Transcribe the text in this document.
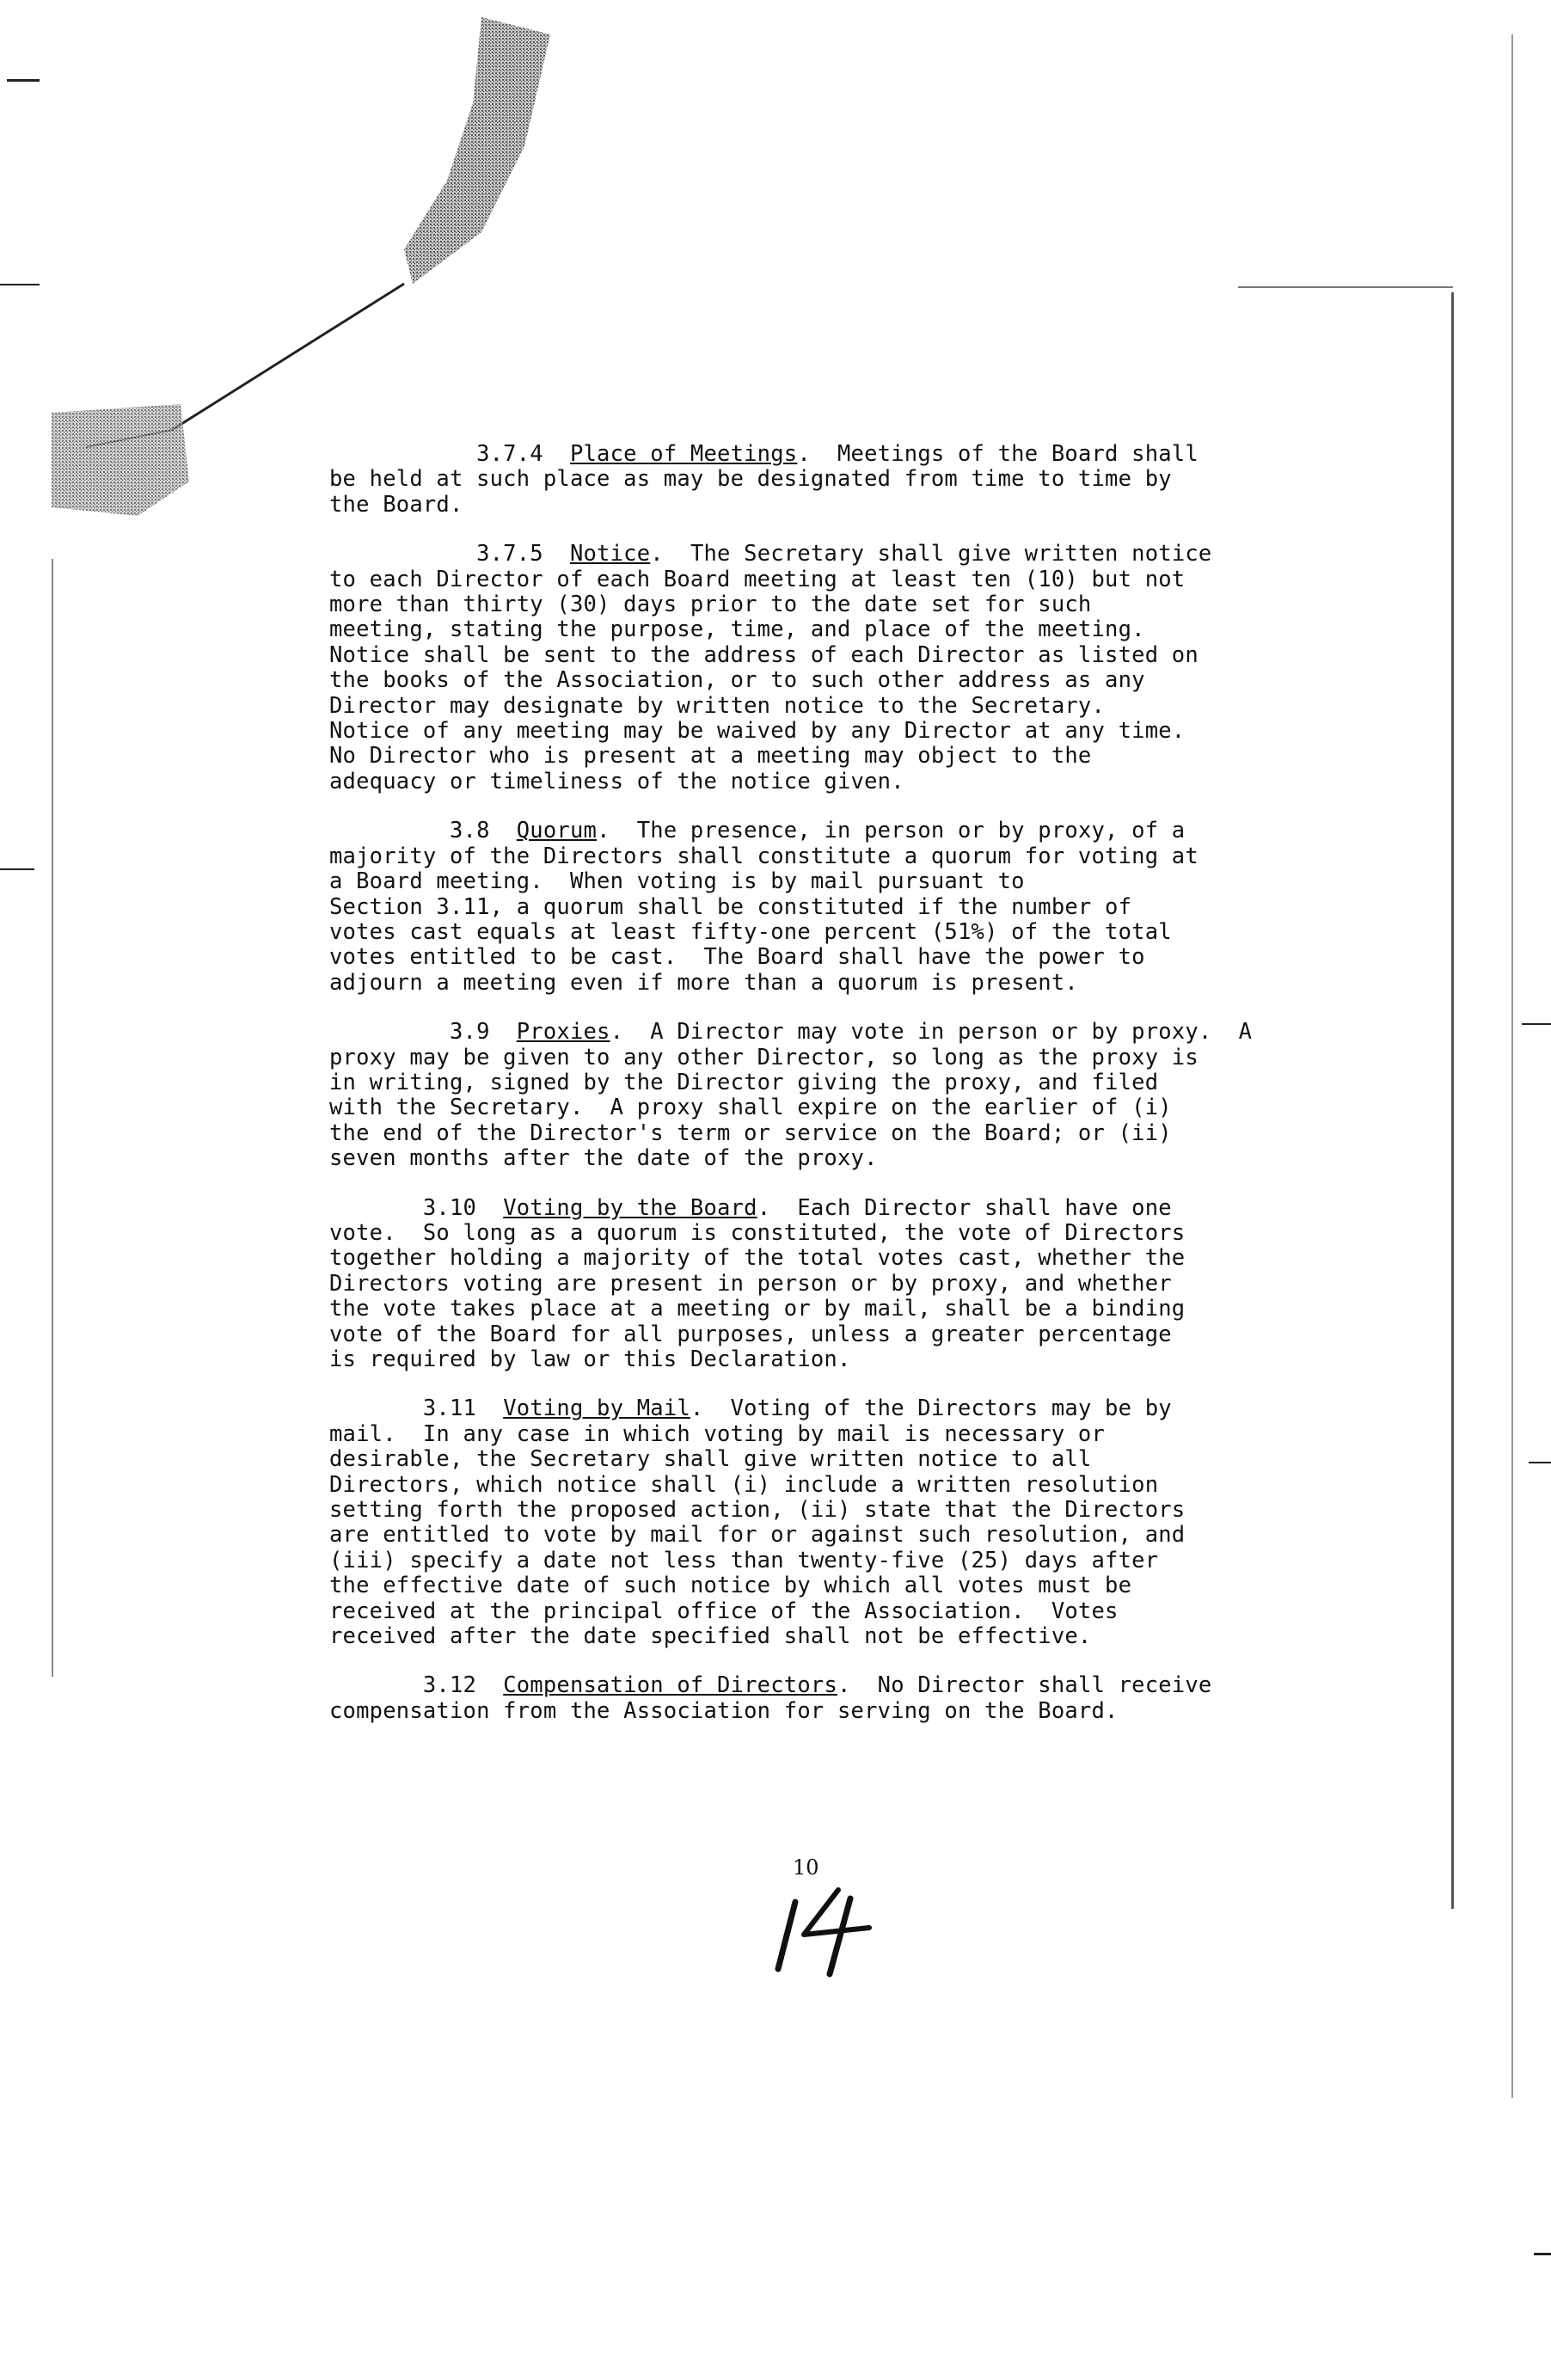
3.7.4  Place of Meetings.  Meetings of the Board shall
be held at such place as may be designated from time to time by
the Board.
3.7.5  Notice.  The Secretary shall give written notice
to each Director of each Board meeting at least ten (10) but not
more than thirty (30) days prior to the date set for such
meeting, stating the purpose, time, and place of the meeting.
Notice shall be sent to the address of each Director as listed on
the books of the Association, or to such other address as any
Director may designate by written notice to the Secretary.
Notice of any meeting may be waived by any Director at any time.
No Director who is present at a meeting may object to the
adequacy or timeliness of the notice given.
3.8  Quorum.  The presence, in person or by proxy, of a
majority of the Directors shall constitute a quorum for voting at
a Board meeting.  When voting is by mail pursuant to
Section 3.11, a quorum shall be constituted if the number of
votes cast equals at least fifty-one percent (51%) of the total
votes entitled to be cast.  The Board shall have the power to
adjourn a meeting even if more than a quorum is present.
3.9  Proxies.  A Director may vote in person or by proxy.  A
proxy may be given to any other Director, so long as the proxy is
in writing, signed by the Director giving the proxy, and filed
with the Secretary.  A proxy shall expire on the earlier of (i)
the end of the Director's term or service on the Board; or (ii)
seven months after the date of the proxy.
3.10  Voting by the Board.  Each Director shall have one
vote.  So long as a quorum is constituted, the vote of Directors
together holding a majority of the total votes cast, whether the
Directors voting are present in person or by proxy, and whether
the vote takes place at a meeting or by mail, shall be a binding
vote of the Board for all purposes, unless a greater percentage
is required by law or this Declaration.
3.11  Voting by Mail.  Voting of the Directors may be by
mail.  In any case in which voting by mail is necessary or
desirable, the Secretary shall give written notice to all
Directors, which notice shall (i) include a written resolution
setting forth the proposed action, (ii) state that the Directors
are entitled to vote by mail for or against such resolution, and
(iii) specify a date not less than twenty-five (25) days after
the effective date of such notice by which all votes must be
received at the principal office of the Association.  Votes
received after the date specified shall not be effective.
3.12  Compensation of Directors.  No Director shall receive
compensation from the Association for serving on the Board.
10
